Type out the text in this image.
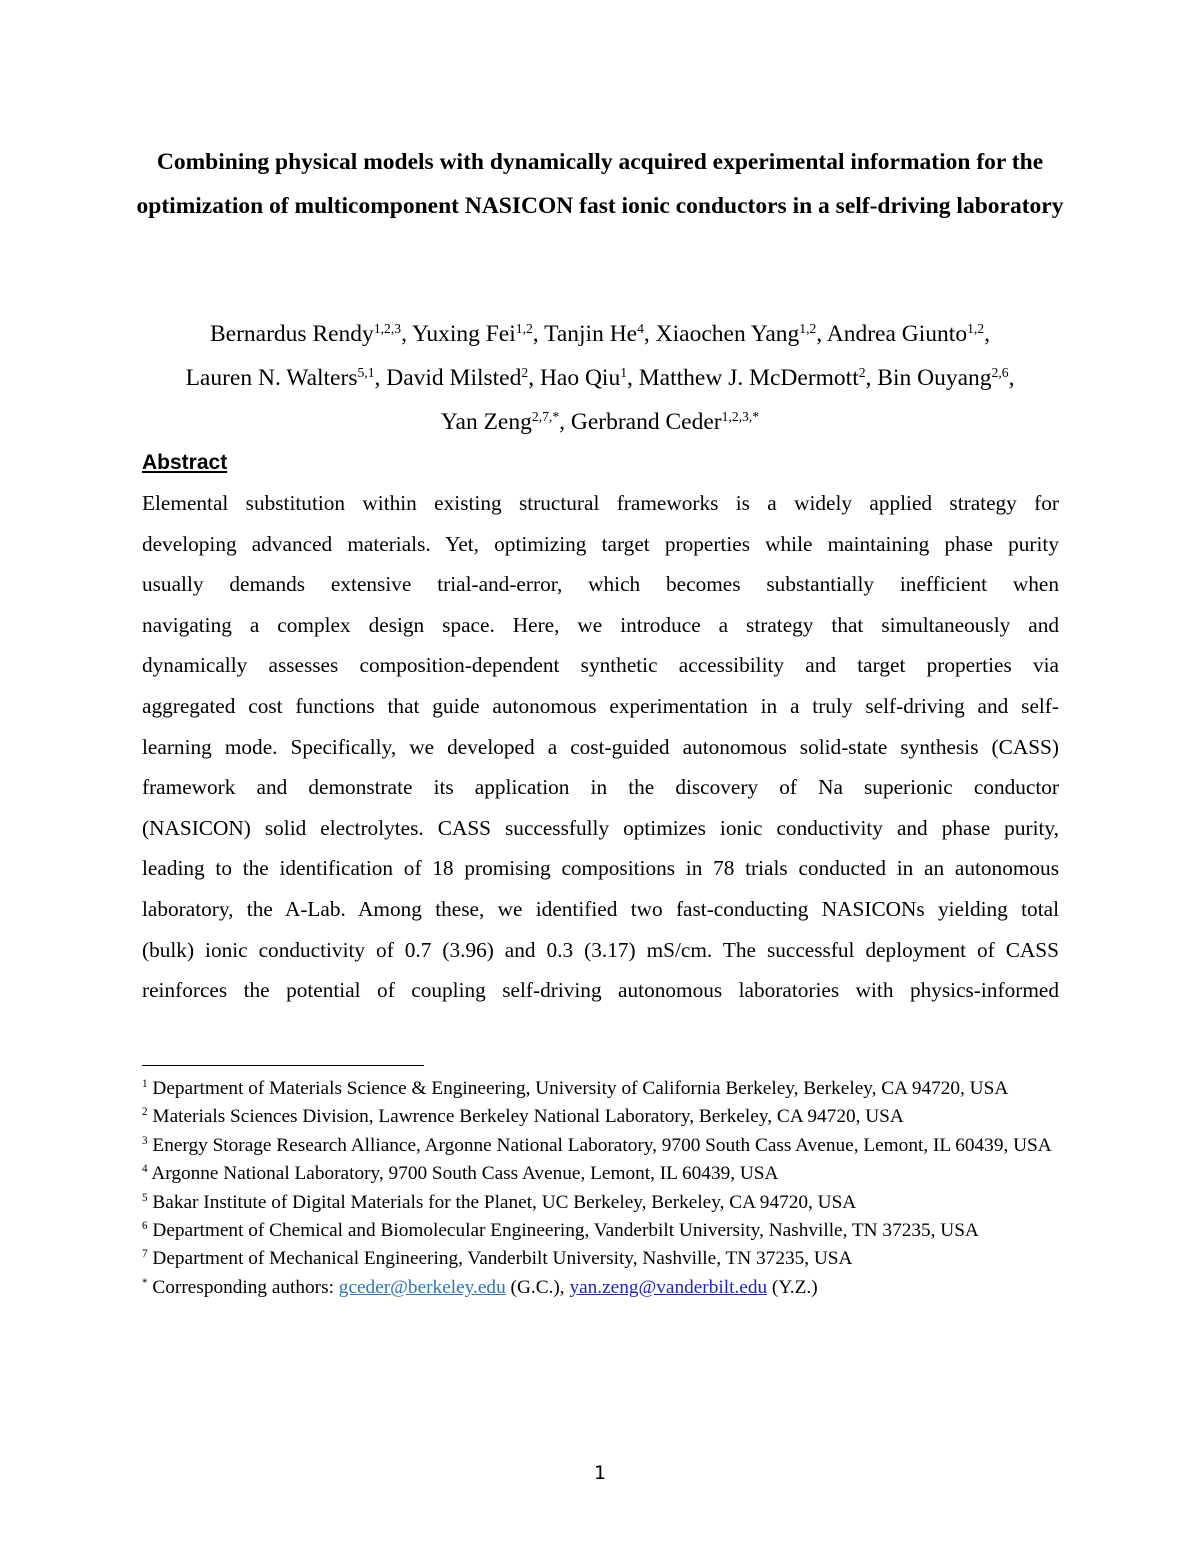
Combining physical models with dynamically acquired experimental information for the optimization of multicomponent NASICON fast ionic conductors in a self-driving laboratory
Bernardus Rendy$^{1,2,3}$, Yuxing Fei$^{1,2}$, Tanjin He$^4$, Xiaochen Yang$^{1,2}$, Andrea Giunto$^{1,2}$,
Lauren N. Walters$^{5,1}$, David Milsted$^2$, Hao Qiu$^1$, Matthew J. McDermott$^2$, Bin Ouyang$^{2,6}$,
Yan Zeng$^{2,7,*}$, Gerbrand Ceder$^{1,2,3,*}$
Abstract
Elemental substitution within existing structural frameworks is a widely applied strategy for
developing advanced materials. Yet, optimizing target properties while maintaining phase purity
usually demands extensive trial-and-error, which becomes substantially inefficient when
navigating a complex design space. Here, we introduce a strategy that simultaneously and
dynamically assesses composition-dependent synthetic accessibility and target properties via
aggregated cost functions that guide autonomous experimentation in a truly self-driving and self-
learning mode. Specifically, we developed a cost-guided autonomous solid-state synthesis (CASS)
framework and demonstrate its application in the discovery of Na superionic conductor
(NASICON) solid electrolytes. CASS successfully optimizes ionic conductivity and phase purity,
leading to the identification of 18 promising compositions in 78 trials conducted in an autonomous
laboratory, the A-Lab. Among these, we identified two fast-conducting NASICONs yielding total
(bulk) ionic conductivity of 0.7 (3.96) and 0.3 (3.17) mS/cm. The successful deployment of CASS
reinforces the potential of coupling self-driving autonomous laboratories with physics-informed

$^1$ Department of Materials Science & Engineering, University of California Berkeley, Berkeley, CA 94720, USA

$^2$ Materials Sciences Division, Lawrence Berkeley National Laboratory, Berkeley, CA 94720, USA

$^3$ Energy Storage Research Alliance, Argonne National Laboratory, 9700 South Cass Avenue, Lemont, IL 60439, USA

$^4$ Argonne National Laboratory, 9700 South Cass Avenue, Lemont, IL 60439, USA

$^5$ Bakar Institute of Digital Materials for the Planet, UC Berkeley, Berkeley, CA 94720, USA

$^6$ Department of Chemical and Biomolecular Engineering, Vanderbilt University, Nashville, TN 37235, USA

$^7$ Department of Mechanical Engineering, Vanderbilt University, Nashville, TN 37235, USA

* Corresponding authors: gceder@berkeley.edu (G.C.), yan.zeng@vanderbilt.edu (Y.Z.)

1
